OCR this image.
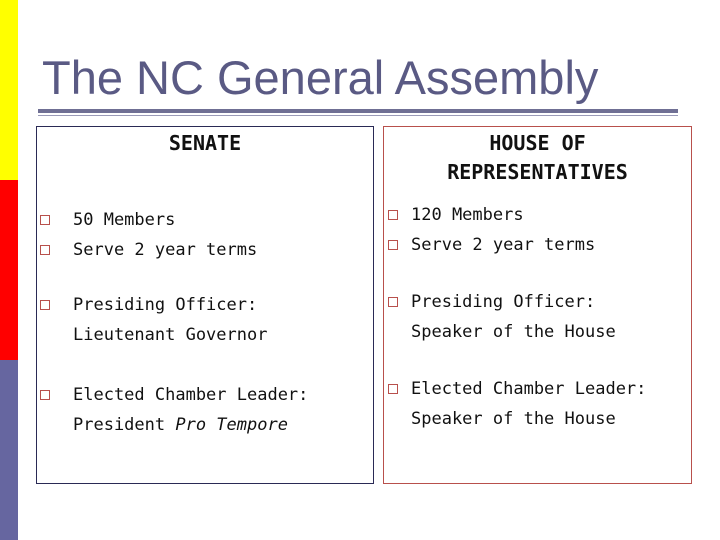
The NC General Assembly
SENATE
50 Members
Serve 2 year terms
Presiding Officer:
Lieutenant Governor
Elected Chamber Leader:
President Pro Tempore
HOUSE OF
REPRESENTATIVES
120 Members
Serve 2 year terms
Presiding Officer:
Speaker of the House
Elected Chamber Leader:
Speaker of the House
